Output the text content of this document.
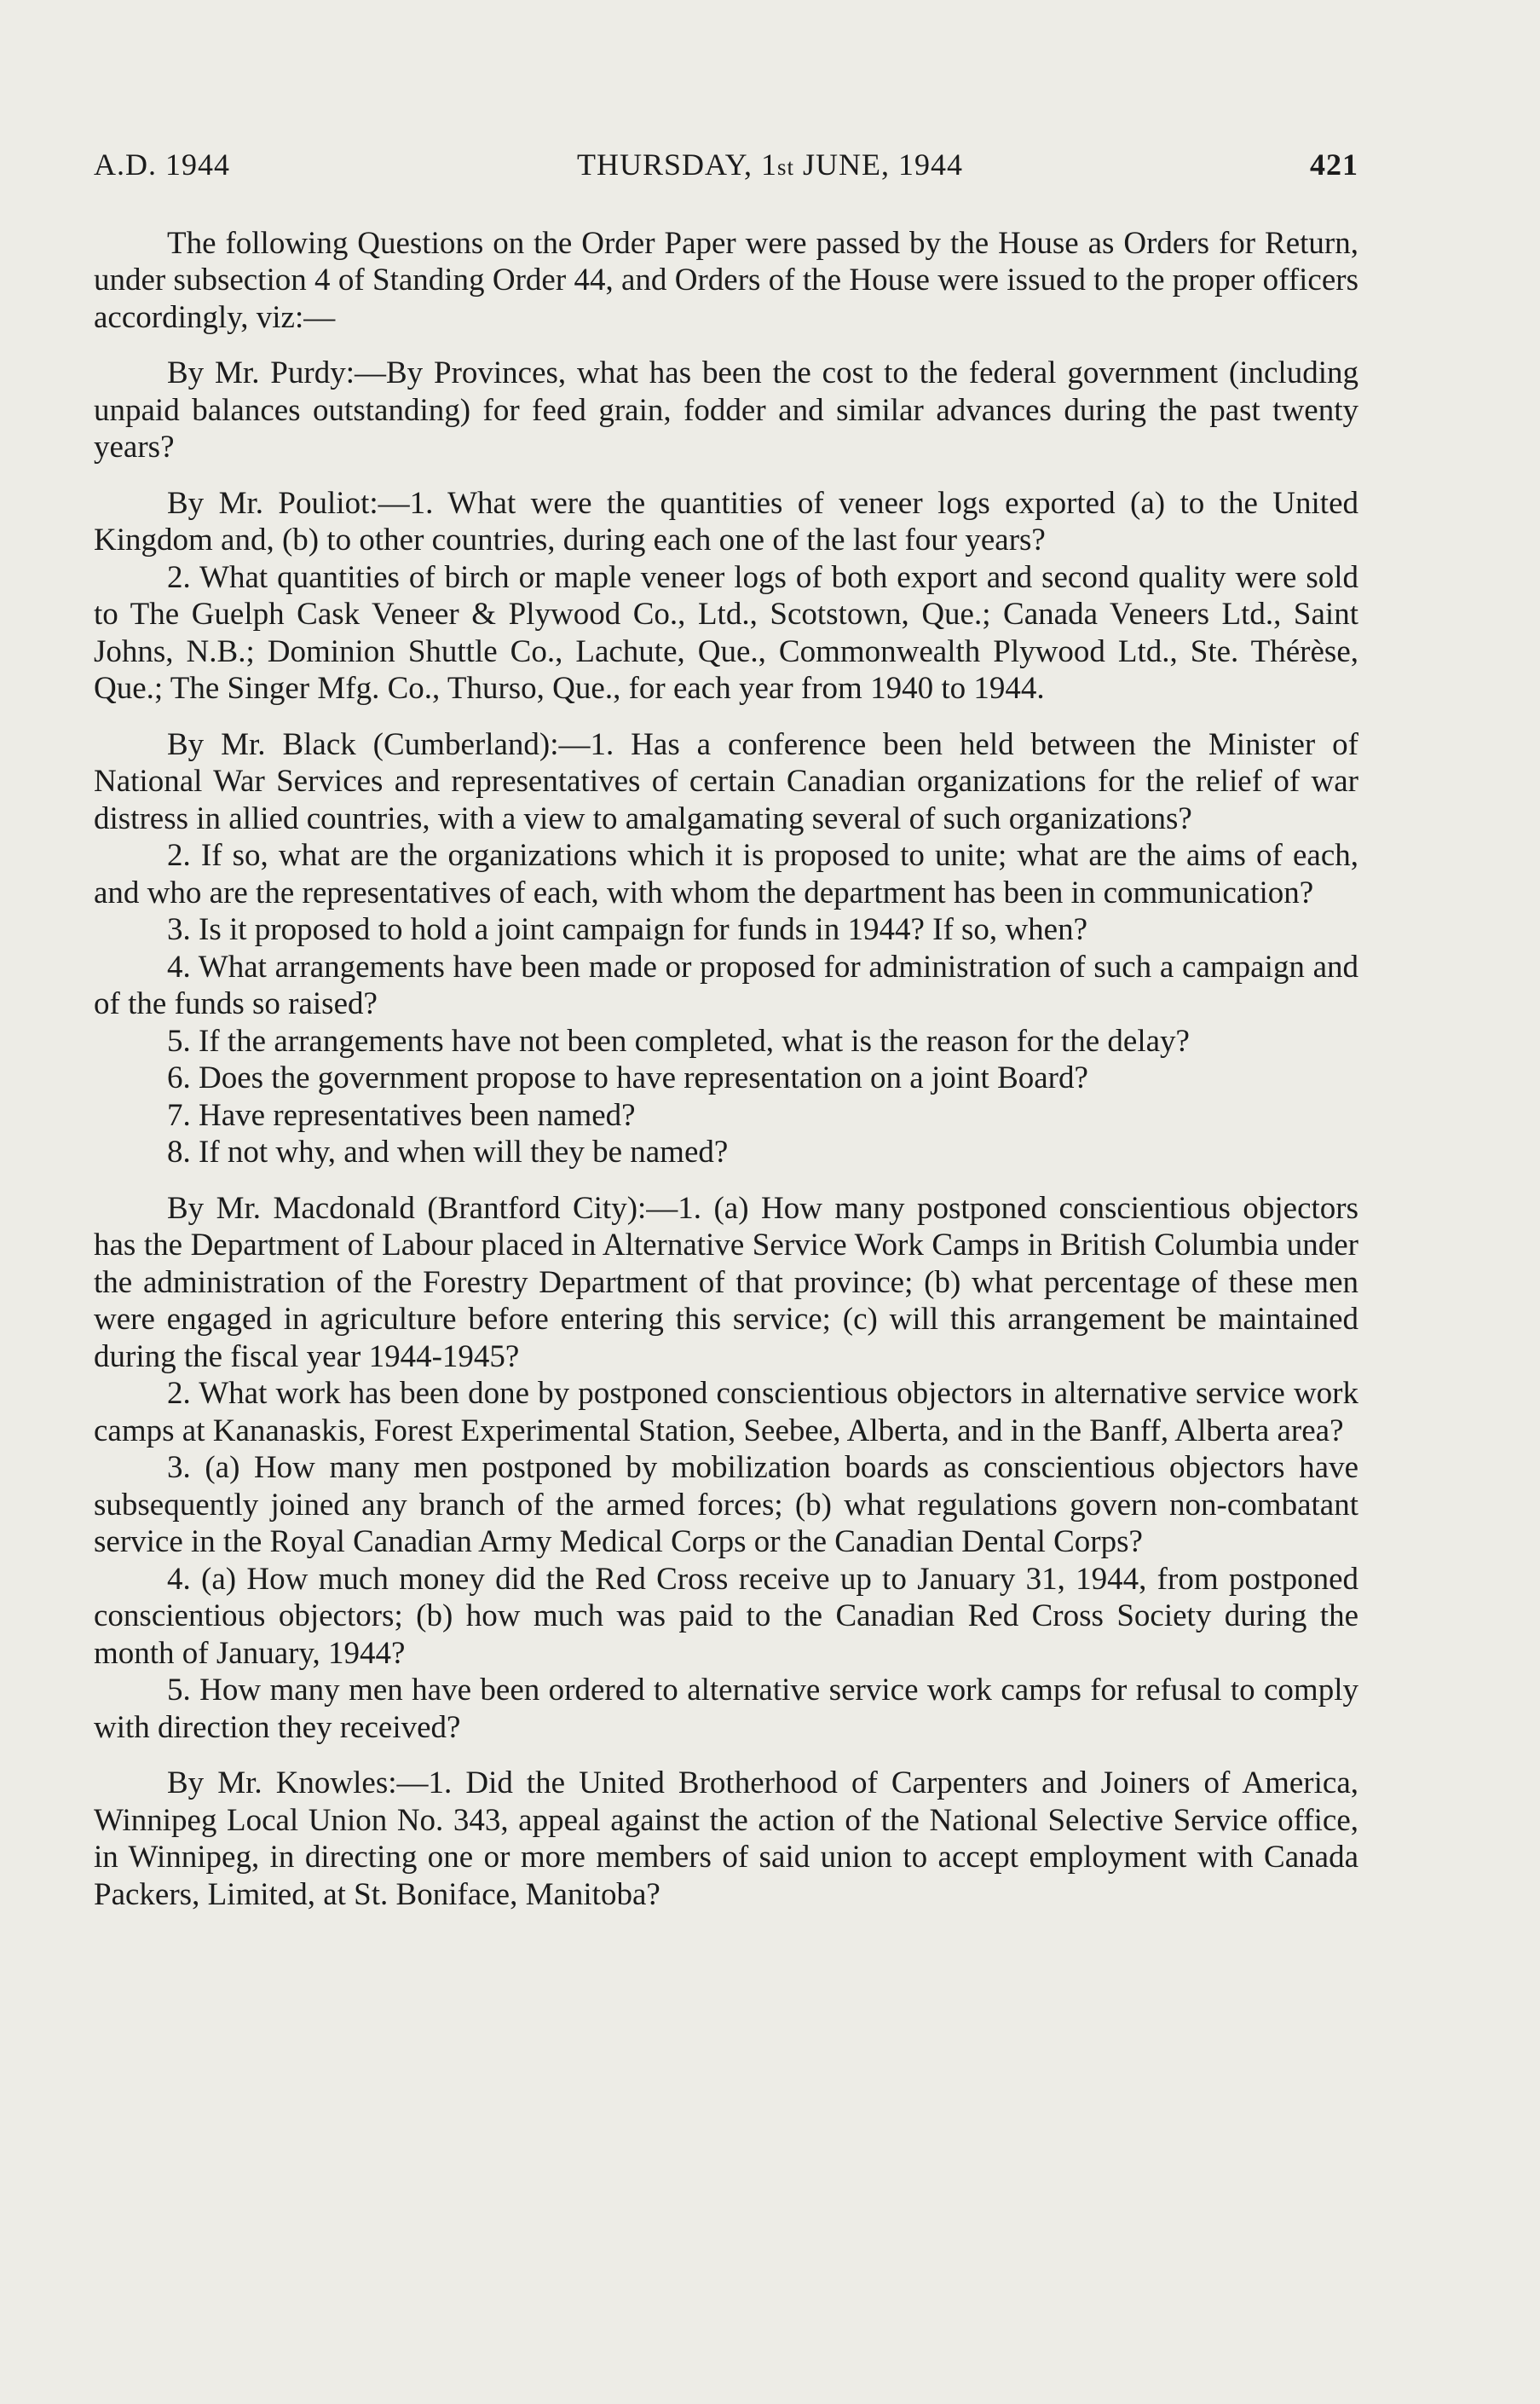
A.D. 1944	THURSDAY, 1st JUNE, 1944	421

The following Questions on the Order Paper were passed by the House as Orders for Return, under subsection 4 of Standing Order 44, and Orders of the House were issued to the proper officers accordingly, viz:—

By Mr. Purdy:—By Provinces, what has been the cost to the federal government (including unpaid balances outstanding) for feed grain, fodder and similar advances during the past twenty years?

By Mr. Pouliot:—1. What were the quantities of veneer logs exported (a) to the United Kingdom and, (b) to other countries, during each one of the last four years?

2. What quantities of birch or maple veneer logs of both export and second quality were sold to The Guelph Cask Veneer & Plywood Co., Ltd., Scotstown, Que.; Canada Veneers Ltd., Saint Johns, N.B.; Dominion Shuttle Co., Lachute, Que., Commonwealth Plywood Ltd., Ste. Thérèse, Que.; The Singer Mfg. Co., Thurso, Que., for each year from 1940 to 1944.

By Mr. Black (Cumberland):—1. Has a conference been held between the Minister of National War Services and representatives of certain Canadian organizations for the relief of war distress in allied countries, with a view to amalgamating several of such organizations?

2. If so, what are the organizations which it is proposed to unite; what are the aims of each, and who are the representatives of each, with whom the department has been in communication?

3. Is it proposed to hold a joint campaign for funds in 1944? If so, when?

4. What arrangements have been made or proposed for administration of such a campaign and of the funds so raised?

5. If the arrangements have not been completed, what is the reason for the delay?

6. Does the government propose to have representation on a joint Board?

7. Have representatives been named?

8. If not why, and when will they be named?

By Mr. Macdonald (Brantford City):—1. (a) How many postponed conscientious objectors has the Department of Labour placed in Alternative Service Work Camps in British Columbia under the administration of the Forestry Department of that province; (b) what percentage of these men were engaged in agriculture before entering this service; (c) will this arrangement be maintained during the fiscal year 1944-1945?

2. What work has been done by postponed conscientious objectors in alternative service work camps at Kananaskis, Forest Experimental Station, Seebee, Alberta, and in the Banff, Alberta area?

3. (a) How many men postponed by mobilization boards as conscientious objectors have subsequently joined any branch of the armed forces; (b) what regulations govern non-combatant service in the Royal Canadian Army Medical Corps or the Canadian Dental Corps?

4. (a) How much money did the Red Cross receive up to January 31, 1944, from postponed conscientious objectors; (b) how much was paid to the Canadian Red Cross Society during the month of January, 1944?

5. How many men have been ordered to alternative service work camps for refusal to comply with direction they received?

By Mr. Knowles:—1. Did the United Brotherhood of Carpenters and Joiners of America, Winnipeg Local Union No. 343, appeal against the action of the National Selective Service office, in Winnipeg, in directing one or more members of said union to accept employment with Canada Packers, Limited, at St. Boniface, Manitoba?
